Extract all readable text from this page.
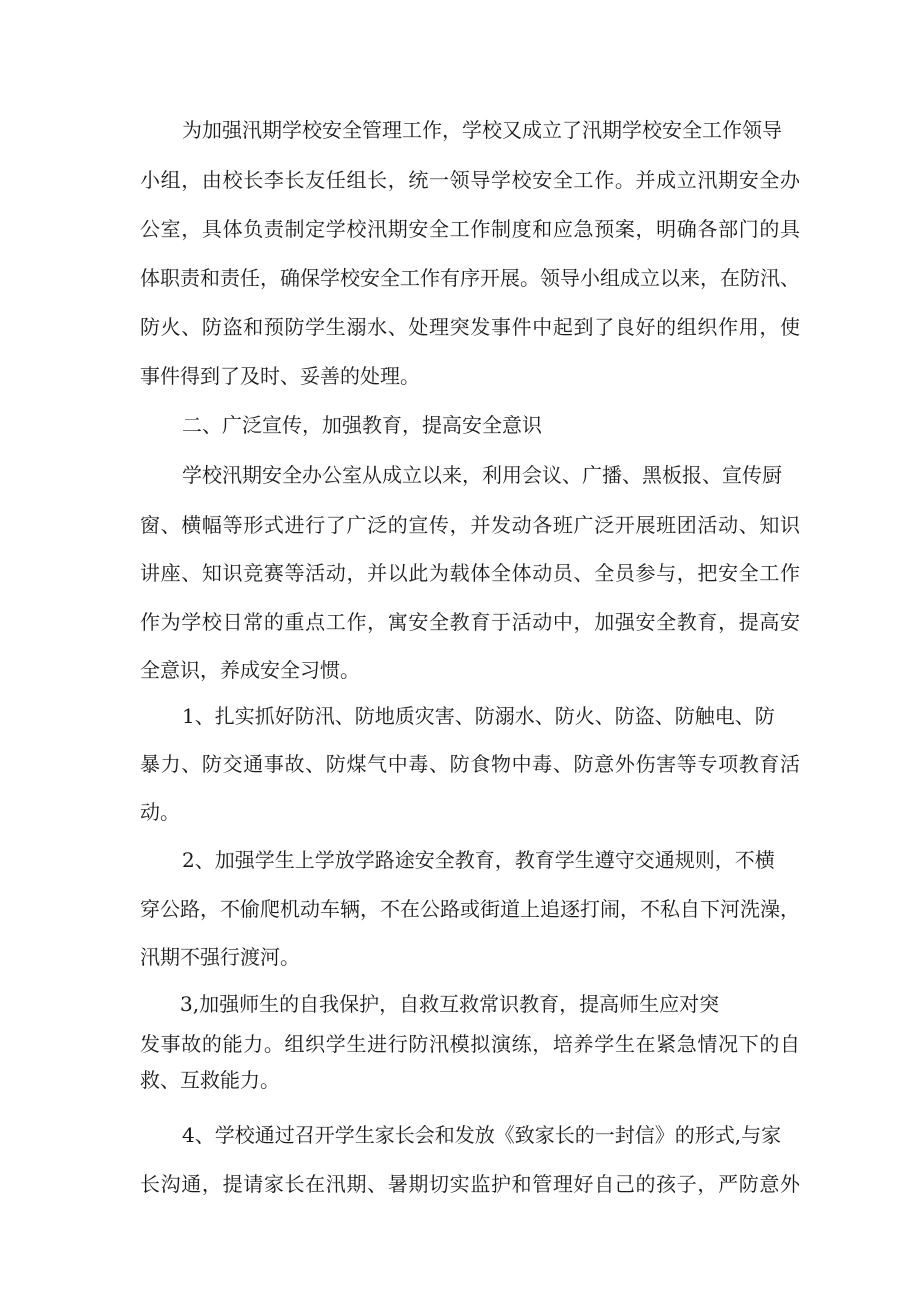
为加强汛期学校安全管理工作，学校又成立了汛期学校安全工作领导
小组，由校长李长友任组长，统一领导学校安全工作。并成立汛期安全办
公室，具体负责制定学校汛期安全工作制度和应急预案，明确各部门的具
体职责和责任，确保学校安全工作有序开展。领导小组成立以来，在防汛、
防火、防盗和预防学生溺水、处理突发事件中起到了良好的组织作用，使
事件得到了及时、妥善的处理。
二、广泛宣传，加强教育，提高安全意识
学校汛期安全办公室从成立以来，利用会议、广播、黑板报、宣传厨
窗、横幅等形式进行了广泛的宣传，并发动各班广泛开展班团活动、知识
讲座、知识竞赛等活动，并以此为载体全体动员、全员参与，把安全工作
作为学校日常的重点工作，寓安全教育于活动中，加强安全教育，提高安
全意识，养成安全习惯。
1、扎实抓好防汛、防地质灾害、防溺水、防火、防盗、防触电、防
暴力、防交通事故、防煤气中毒、防食物中毒、防意外伤害等专项教育活
动。
2、加强学生上学放学路途安全教育，教育学生遵守交通规则，不横
穿公路，不偷爬机动车辆，不在公路或街道上追逐打闹，不私自下河洗澡，
汛期不强行渡河。
3,加强师生的自我保护，自救互救常识教育，提高师生应对突
发事故的能力。组织学生进行防汛模拟演练，培养学生在紧急情况下的自
救、互救能力。
4、学校通过召开学生家长会和发放《致家长的一封信》的形式,与家
长沟通，提请家长在汛期、暑期切实监护和管理好自己的孩子，严防意外
